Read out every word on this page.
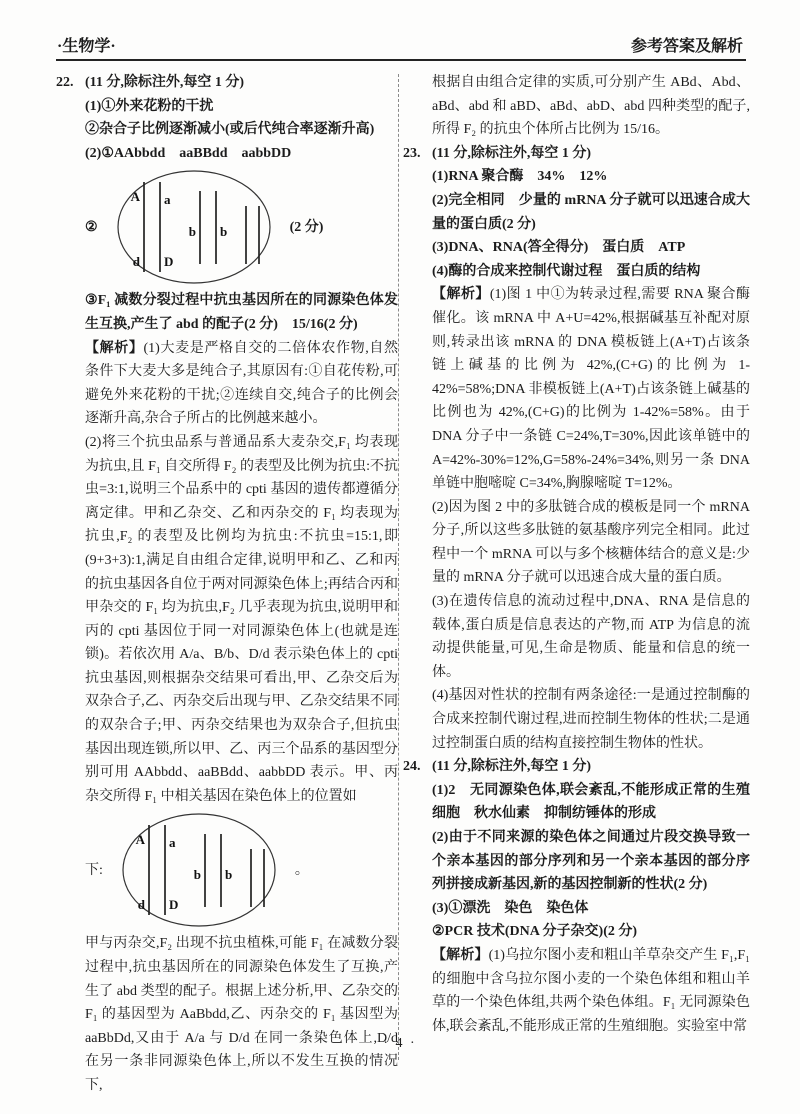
·生物学·	参考答案及解析

22. (11 分,除标注外,每空 1 分)

(1)①外来花粉的干扰

②杂合子比例逐渐减小(或后代纯合率逐渐升高)

(2)①AAbbdd　aaBBdd　aabbDD

②
A
d
a
D
b b	(2 分)

③F₁ 减数分裂过程中抗虫基因所在的同源染色体发生互换,产生了 abd 的配子(2 分)　15/16(2 分)

【解析】(1)大麦是严格自交的二倍体农作物,自然条件下大麦大多是纯合子,其原因有:①自花传粉,可避免外来花粉的干扰;②连续自交,纯合子的比例会逐渐升高,杂合子所占的比例越来越小。

(2)将三个抗虫品系与普通品系大麦杂交,F₁ 均表现为抗虫,且 F₁ 自交所得 F₂ 的表型及比例为抗虫:不抗虫=3:1,说明三个品系中的 cpti 基因的遗传都遵循分离定律。甲和乙杂交、乙和丙杂交的 F₁ 均表现为抗虫,F₂ 的表型及比例均为抗虫:不抗虫=15:1,即(9+3+3):1,满足自由组合定律,说明甲和乙、乙和丙的抗虫基因各自位于两对同源染色体上;再结合丙和甲杂交的 F₁ 均为抗虫,F₂ 几乎表现为抗虫,说明甲和丙的 cpti 基因位于同一对同源染色体上(也就是连锁)。若依次用 A/a、B/b、D/d 表示染色体上的 cpti 抗虫基因,则根据杂交结果可看出,甲、乙杂交后为双杂合子,乙、丙杂交后出现与甲、乙杂交结果不同的双杂合子;甲、丙杂交结果也为双杂合子,但抗虫基因出现连锁,所以甲、乙、丙三个品系的基因型分别可用 AAbbdd、aaBBdd、aabbDD 表示。甲、丙杂交所得 F₁ 中相关基因在染色体上的位置如

下:
A
d
a
D
b b	。

甲与丙杂交,F₂ 出现不抗虫植株,可能 F₁ 在减数分裂过程中,抗虫基因所在的同源染色体发生了互换,产生了 abd 类型的配子。根据上述分析,甲、乙杂交的 F₁ 的基因型为 AaBbdd,乙、丙杂交的 F₁ 基因型为 aaBbDd,又由于 A/a 与 D/d 在同一条染色体上,D/d 在另一条非同源染色体上,所以不发生互换的情况下,

根据自由组合定律的实质,可分别产生 ABd、Abd、aBd、abd 和 aBD、aBd、abD、abd 四种类型的配子,所得 F₂ 的抗虫个体所占比例为 15/16。

23. (11 分,除标注外,每空 1 分)

(1)RNA 聚合酶　34%　12%

(2)完全相同　少量的 mRNA 分子就可以迅速合成大量的蛋白质(2 分)

(3)DNA、RNA(答全得分)　蛋白质　ATP

(4)酶的合成来控制代谢过程　蛋白质的结构

【解析】(1)图 1 中①为转录过程,需要 RNA 聚合酶催化。该 mRNA 中 A+U=42%,根据碱基互补配对原则,转录出该 mRNA 的 DNA 模板链上(A+T)占该条链上碱基的比例为 42%,(C+G)的比例为 1-42%=58%;DNA 非模板链上(A+T)占该条链上碱基的比例也为 42%,(C+G)的比例为 1-42%=58%。由于 DNA 分子中一条链 C=24%,T=30%,因此该单链中的 A=42%-30%=12%,G=58%-24%=34%,则另一条 DNA 单链中胞嘧啶 C=34%,胸腺嘧啶 T=12%。

(2)因为图 2 中的多肽链合成的模板是同一个 mRNA 分子,所以这些多肽链的氨基酸序列完全相同。此过程中一个 mRNA 可以与多个核糖体结合的意义是:少量的 mRNA 分子就可以迅速合成大量的蛋白质。

(3)在遗传信息的流动过程中,DNA、RNA 是信息的载体,蛋白质是信息表达的产物,而 ATP 为信息的流动提供能量,可见,生命是物质、能量和信息的统一体。

(4)基因对性状的控制有两条途径:一是通过控制酶的合成来控制代谢过程,进而控制生物体的性状;二是通过控制蛋白质的结构直接控制生物体的性状。

24. (11 分,除标注外,每空 1 分)

(1)2　无同源染色体,联会紊乱,不能形成正常的生殖细胞　秋水仙素　抑制纺锤体的形成

(2)由于不同来源的染色体之间通过片段交换导致一个亲本基因的部分序列和另一个亲本基因的部分序列拼接成新基因,新的基因控制新的性状(2 分)

(3)①漂洗　染色　染色体

②PCR 技术(DNA 分子杂交)(2 分)

【解析】(1)乌拉尔图小麦和粗山羊草杂交产生 F₁,F₁ 的细胞中含乌拉尔图小麦的一个染色体组和粗山羊草的一个染色体组,共两个染色体组。F₁ 无同源染色体,联会紊乱,不能形成正常的生殖细胞。实验室中常

· 4 ·
